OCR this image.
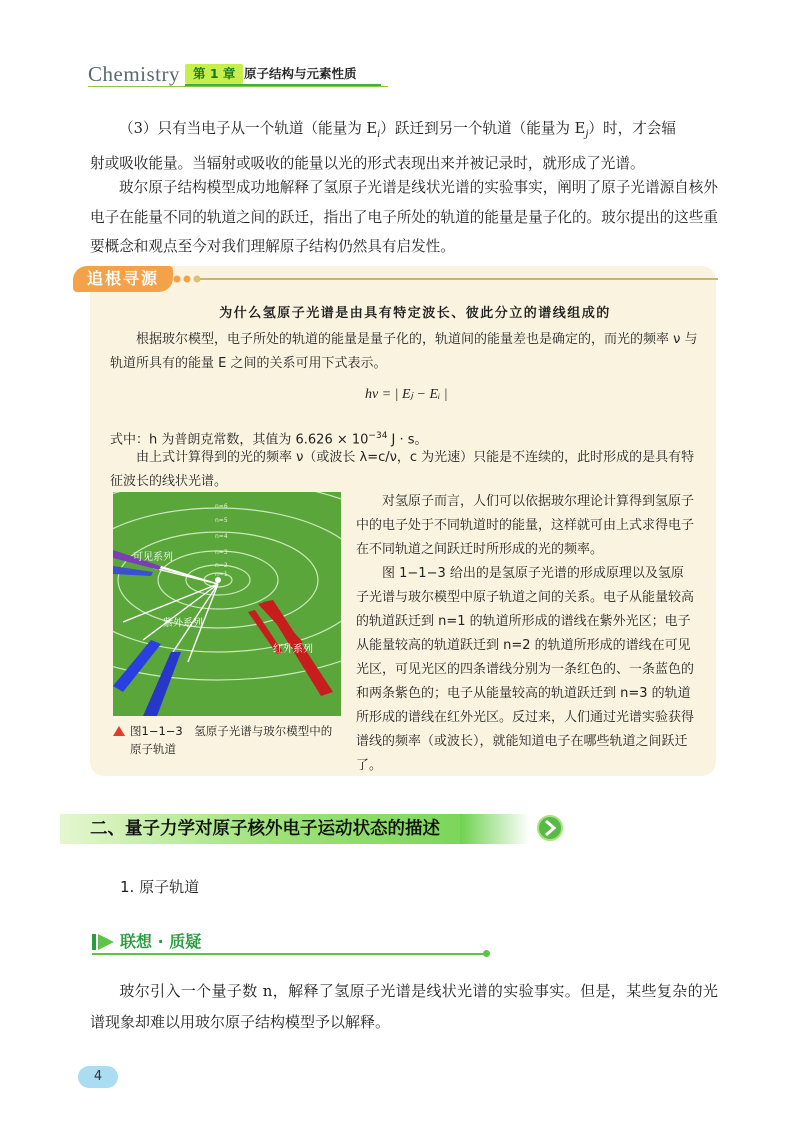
Chemistry	第 1 章 原子结构与元素性质
（3）只有当电子从一个轨道（能量为 $E_i$）跃迁到另一个轨道（能量为 $E_j$）时，才会辐
射或吸收能量。当辐射或吸收的能量以光的形式表现出来并被记录时，就形成了光谱。
玻尔原子结构模型成功地解释了氢原子光谱是线状光谱的实验事实，阐明了原子光谱源自核外电子在能量不同的轨道之间的跃迁，指出了电子所处的轨道的能量是量子化的。玻尔提出的这些重要概念和观点至今对我们理解原子结构仍然具有启发性。
追根寻源
为什么氢原子光谱是由具有特定波长、彼此分立的谱线组成的
根据玻尔模型，电子所处的轨道的能量是量子化的，轨道间的能量差也是确定的，而光的频率 ν 与轨道所具有的能量 E 之间的关系可用下式表示。
hν = | Eⱼ − Eᵢ |
式中：h 为普朗克常数，其值为 $6.626 \times 10^{-34}$ J · s。
由上式计算得到的光的频率 ν（或波长 λ=c/ν，c 为光速）只能是不连续的，此时形成的是具有特征波长的线状光谱。
n=6
n=5
n=4
n=3
n=2
n=1
可见系列
紫外系列
红外系列
图1−1−3　氢原子光谱与玻尔模型中的
原子轨道

对氢原子而言，人们可以依据玻尔理论计算得到氢原子中的电子处于不同轨道时的能量，这样就可由上式求得电子在不同轨道之间跃迁时所形成的光的频率。

图 1−1−3 给出的是氢原子光谱的形成原理以及氢原子光谱与玻尔模型中原子轨道之间的关系。电子从能量较高的轨道跃迁到 n=1 的轨道所形成的谱线在紫外光区；电子从能量较高的轨道跃迁到 n=2 的轨道所形成的谱线在可见光区，可见光区的四条谱线分别为一条红色的、一条蓝色的和两条紫色的；电子从能量较高的轨道跃迁到 n=3 的轨道所形成的谱线在红外光区。反过来，人们通过光谱实验获得谱线的频率（或波长），就能知道电子在哪些轨道之间跃迁了。

二、量子力学对原子核外电子运动状态的描述
1. 原子轨道
联想 · 质疑
玻尔引入一个量子数 n，解释了氢原子光谱是线状光谱的实验事实。但是，某些复杂的光谱现象却难以用玻尔原子结构模型予以解释。
4
